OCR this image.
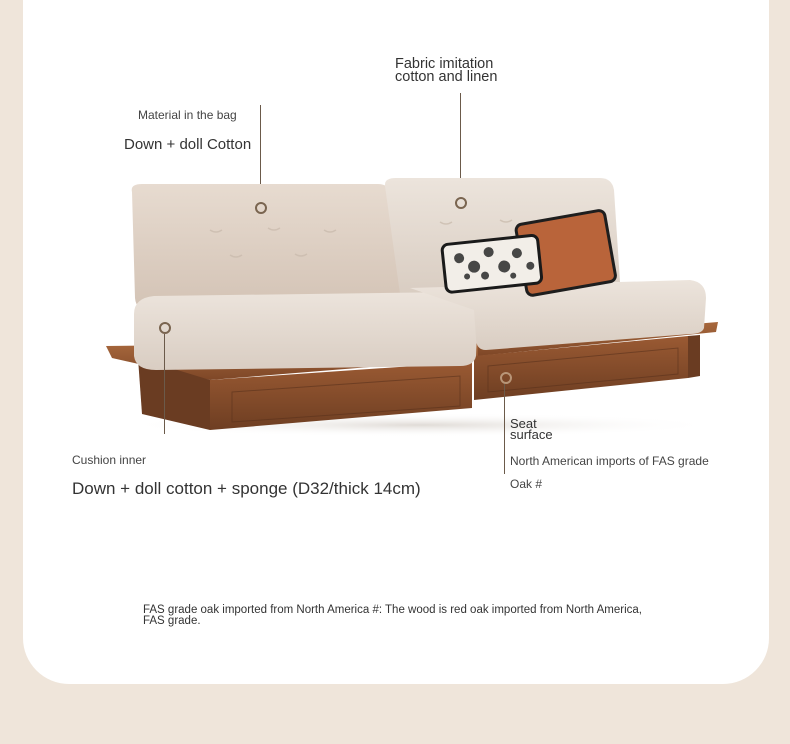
Fabric imitation
cotton and linen
Material in the bag
Down + doll Cotton
Cushion inner
Down + doll cotton + sponge (D32/thick 14cm)
Seat
surface
North American imports of FAS grade
Oak #
FAS grade oak imported from North America #: The wood is red oak imported from North America, FAS grade.
